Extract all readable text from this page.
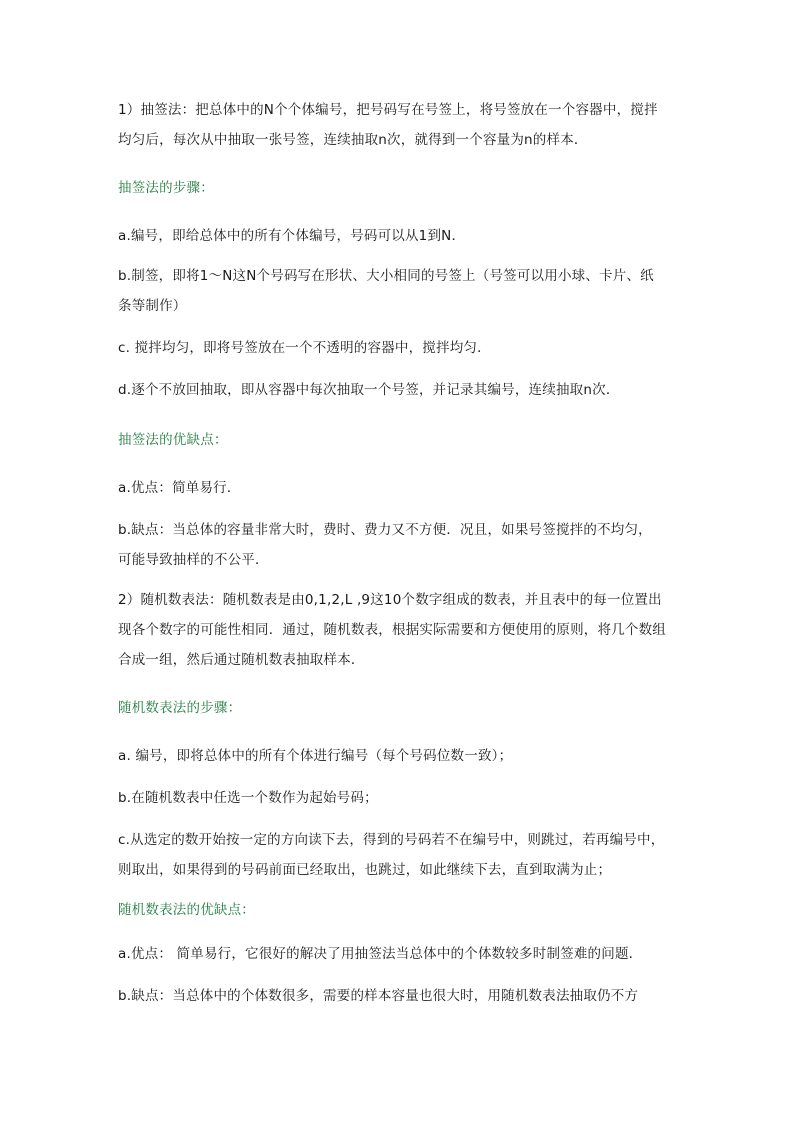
1）抽签法：把总体中的N个个体编号，把号码写在号签上，将号签放在一个容器中，搅拌
均匀后，每次从中抽取一张号签，连续抽取n次，就得到一个容量为n的样本．
抽签法的步骤：
a.编号，即给总体中的所有个体编号，号码可以从1到N．
b.制签，即将1～N这N个号码写在形状、大小相同的号签上（号签可以用小球、卡片、纸
条等制作）
c. 搅拌均匀，即将号签放在一个不透明的容器中，搅拌均匀．
d.逐个不放回抽取，即从容器中每次抽取一个号签，并记录其编号，连续抽取n次．
抽签法的优缺点：
a.优点：简单易行．
b.缺点：当总体的容量非常大时，费时、费力又不方便．况且，如果号签搅拌的不均匀，
可能导致抽样的不公平．
2）随机数表法：随机数表是由0,1,2,L ,9这10个数字组成的数表，并且表中的每一位置出
现各个数字的可能性相同．通过，随机数表，根据实际需要和方便使用的原则，将几个数组
合成一组，然后通过随机数表抽取样本．
随机数表法的步骤：
a. 编号，即将总体中的所有个体进行编号（每个号码位数一致）；
b.在随机数表中任选一个数作为起始号码；
c.从选定的数开始按一定的方向读下去，得到的号码若不在编号中，则跳过，若再编号中，
则取出，如果得到的号码前面已经取出，也跳过，如此继续下去，直到取满为止；
随机数表法的优缺点：
a.优点： 简单易行，它很好的解决了用抽签法当总体中的个体数较多时制签难的问题．
b.缺点：当总体中的个体数很多，需要的样本容量也很大时，用随机数表法抽取仍不方
